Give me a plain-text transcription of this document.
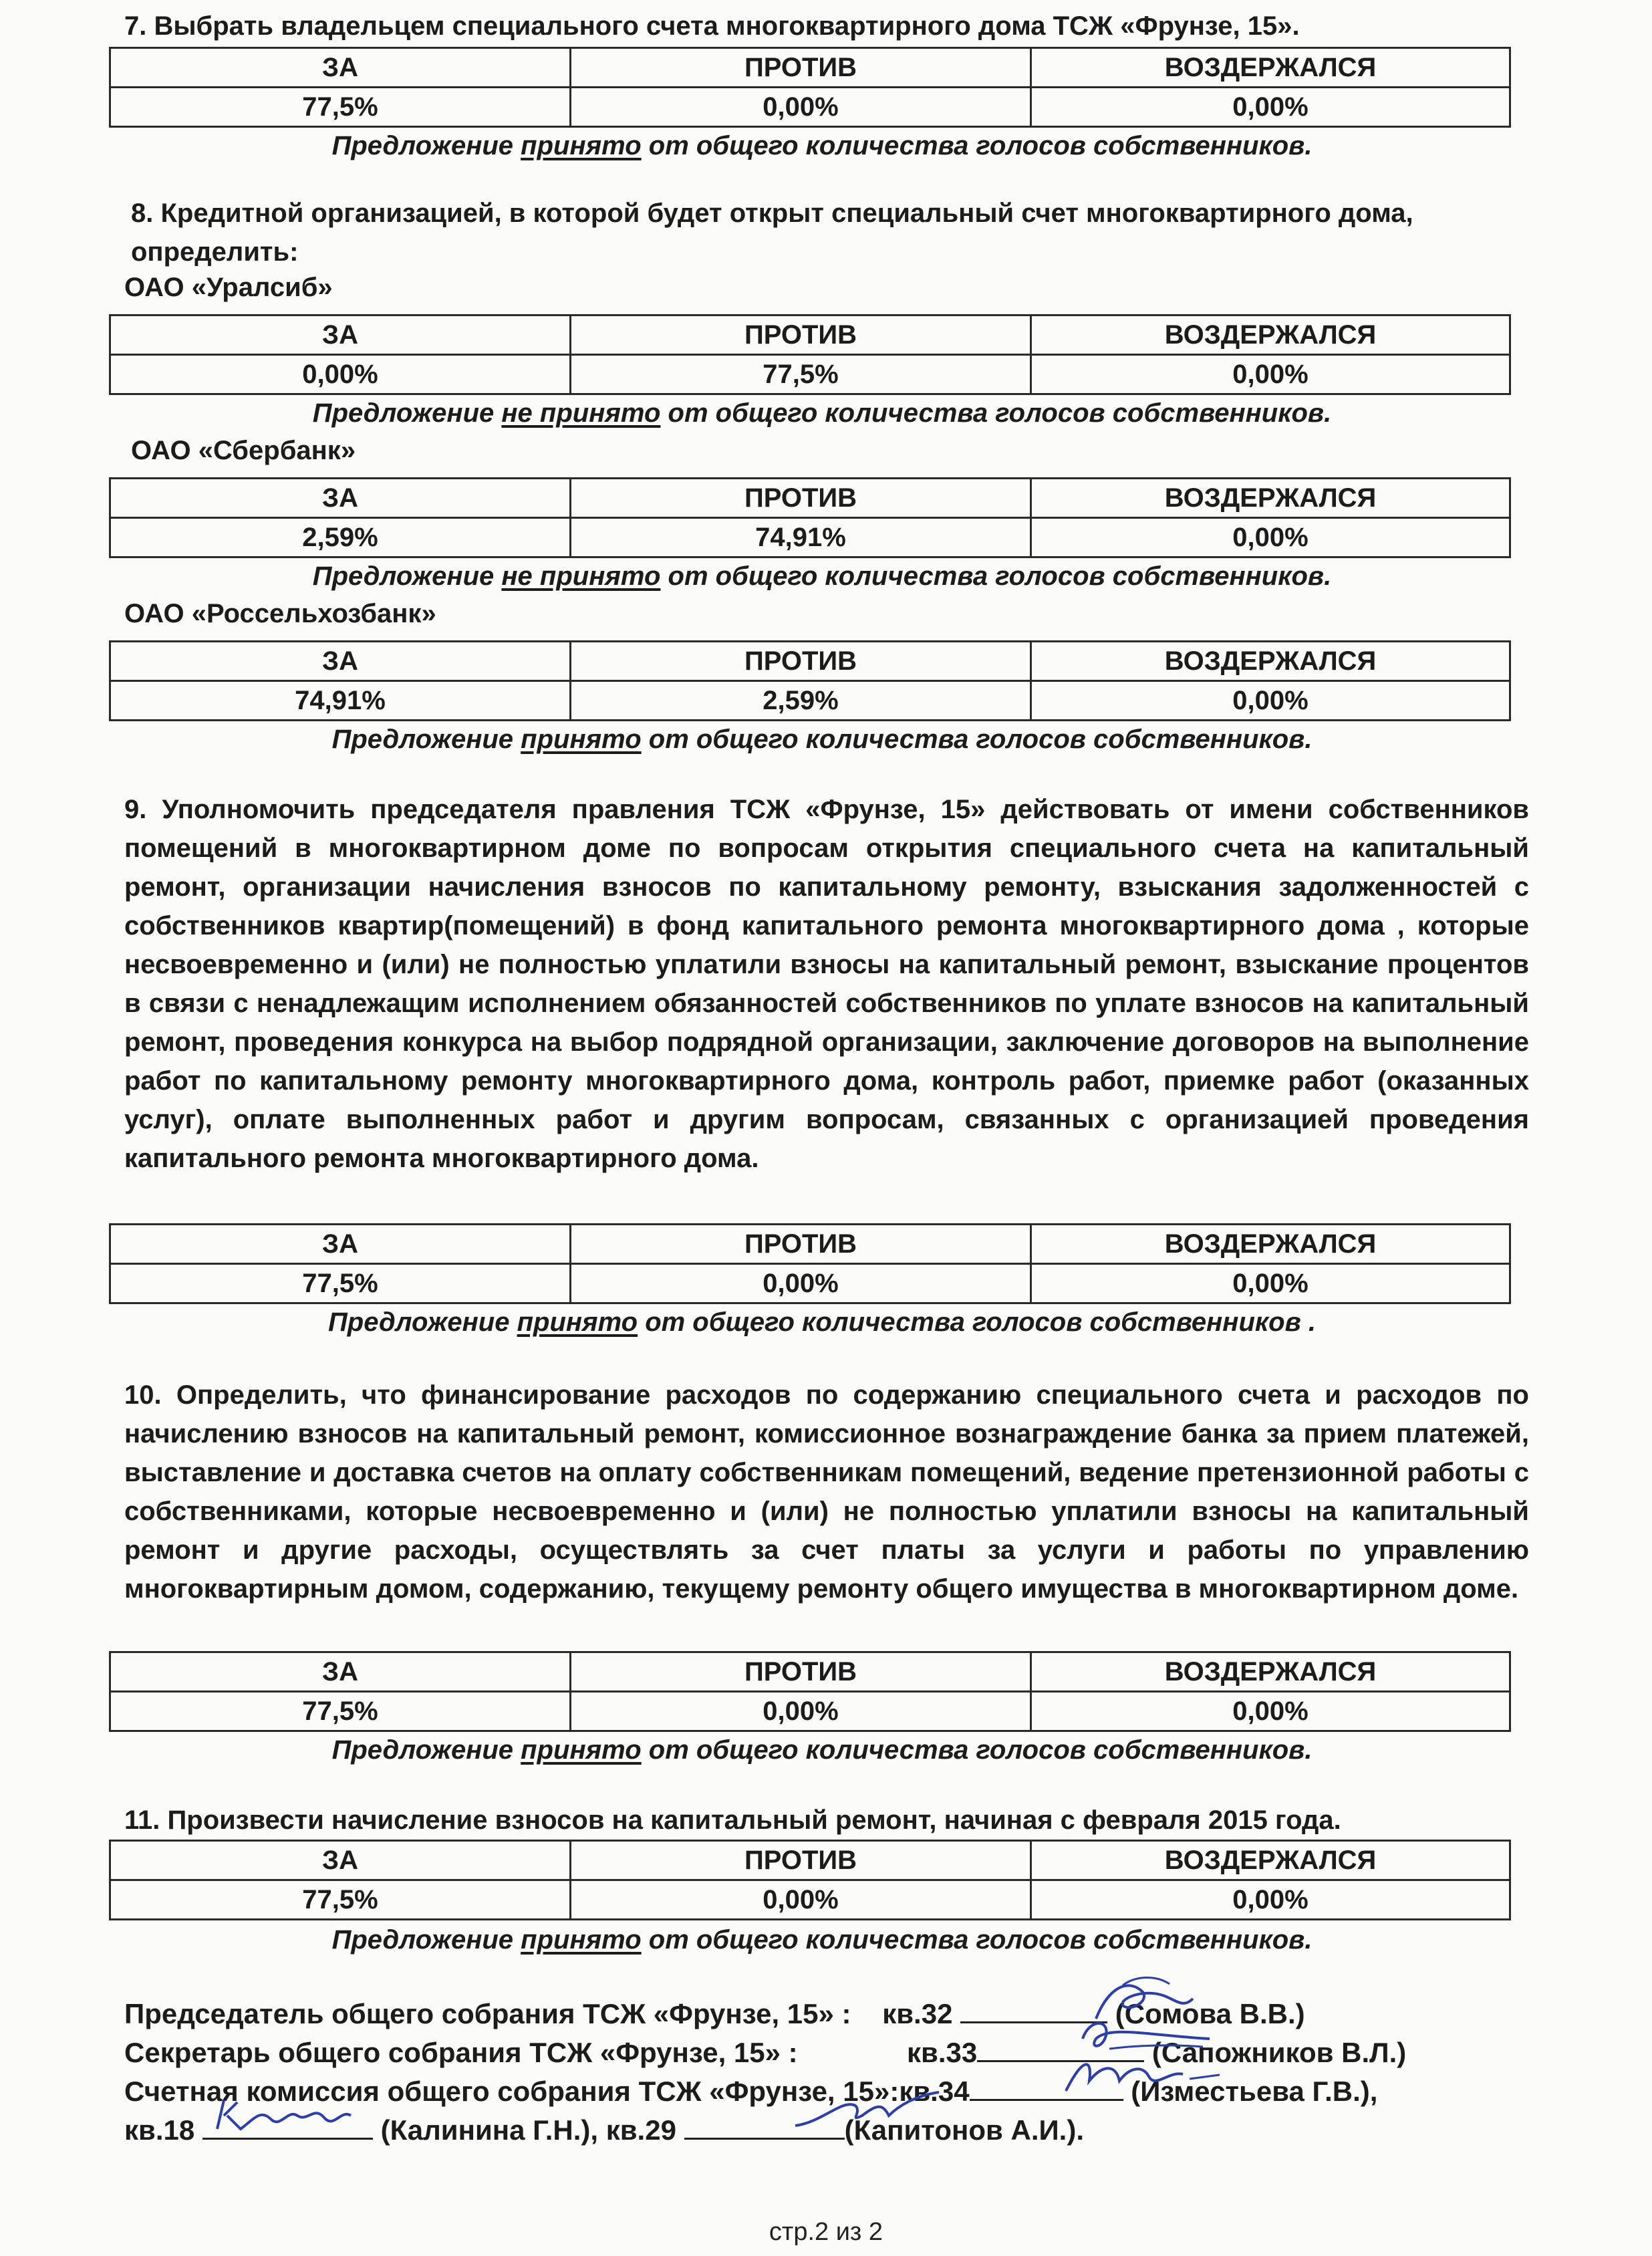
7. Выбрать владельцем специального счета многоквартирного дома ТСЖ «Фрунзе, 15».

ЗА	ПРОТИВ	ВОЗДЕРЖАЛСЯ
77,5%	0,00%	0,00%

Предложение принято от общего количества голосов собственников.

8. Кредитной организацией, в которой будет открыт специальный счет многоквартирного дома, определить:

ОАО «Уралсиб»

ЗА	ПРОТИВ	ВОЗДЕРЖАЛСЯ
0,00%	77,5%	0,00%

Предложение не принято от общего количества голосов собственников.

ОАО «Сбербанк»

ЗА	ПРОТИВ	ВОЗДЕРЖАЛСЯ
2,59%	74,91%	0,00%

Предложение не принято от общего количества голосов собственников.

ОАО «Россельхозбанк»

ЗА	ПРОТИВ	ВОЗДЕРЖАЛСЯ
74,91%	2,59%	0,00%

Предложение принято от общего количества голосов собственников.

9. Уполномочить председателя правления ТСЖ «Фрунзе, 15» действовать от имени собственников помещений в многоквартирном доме по вопросам открытия специального счета на капитальный ремонт, организации начисления взносов по капитальному ремонту, взыскания задолженностей с собственников квартир(помещений) в фонд капитального ремонта многоквартирного дома , которые несвоевременно и (или) не полностью уплатили взносы на капитальный ремонт, взыскание процентов в связи с ненадлежащим исполнением обязанностей собственников по уплате взносов на капитальный ремонт, проведения конкурса на выбор подрядной организации, заключение договоров на выполнение работ по капитальному ремонту многоквартирного дома, контроль работ, приемке работ (оказанных услуг), оплате выполненных работ и другим вопросам, связанных с организацией проведения капитального ремонта многоквартирного дома.

ЗА	ПРОТИВ	ВОЗДЕРЖАЛСЯ
77,5%	0,00%	0,00%

Предложение принято от общего количества голосов собственников .

10. Определить, что финансирование расходов по содержанию специального счета и расходов по начислению взносов на капитальный ремонт, комиссионное вознаграждение банка за прием платежей, выставление и доставка счетов на оплату собственникам помещений, ведение претензионной работы с собственниками, которые несвоевременно и (или) не полностью уплатили взносы на капитальный ремонт и другие расходы, осуществлять за счет платы за услуги и работы по управлению многоквартирным домом, содержанию, текущему ремонту общего имущества в многоквартирном доме.

ЗА	ПРОТИВ	ВОЗДЕРЖАЛСЯ
77,5%	0,00%	0,00%

Предложение принято от общего количества голосов собственников.

11. Произвести начисление взносов на капитальный ремонт, начиная с февраля 2015 года.

ЗА	ПРОТИВ	ВОЗДЕРЖАЛСЯ
77,5%	0,00%	0,00%

Предложение принято от общего количества голосов собственников.

Председатель общего собрания ТСЖ «Фрунзе, 15» : кв.32	(Сомова В.В.)

Секретарь общего собрания ТСЖ «Фрунзе, 15» :	кв.33	(Сапожников В.Л.)

Счетная комиссия общего собрания ТСЖ «Фрунзе, 15»:кв.34	(Изместьева Г.В.),

кв.18	(Калинина Г.Н.), кв.29	(Капитонов А.И.).

стр.2 из 2
